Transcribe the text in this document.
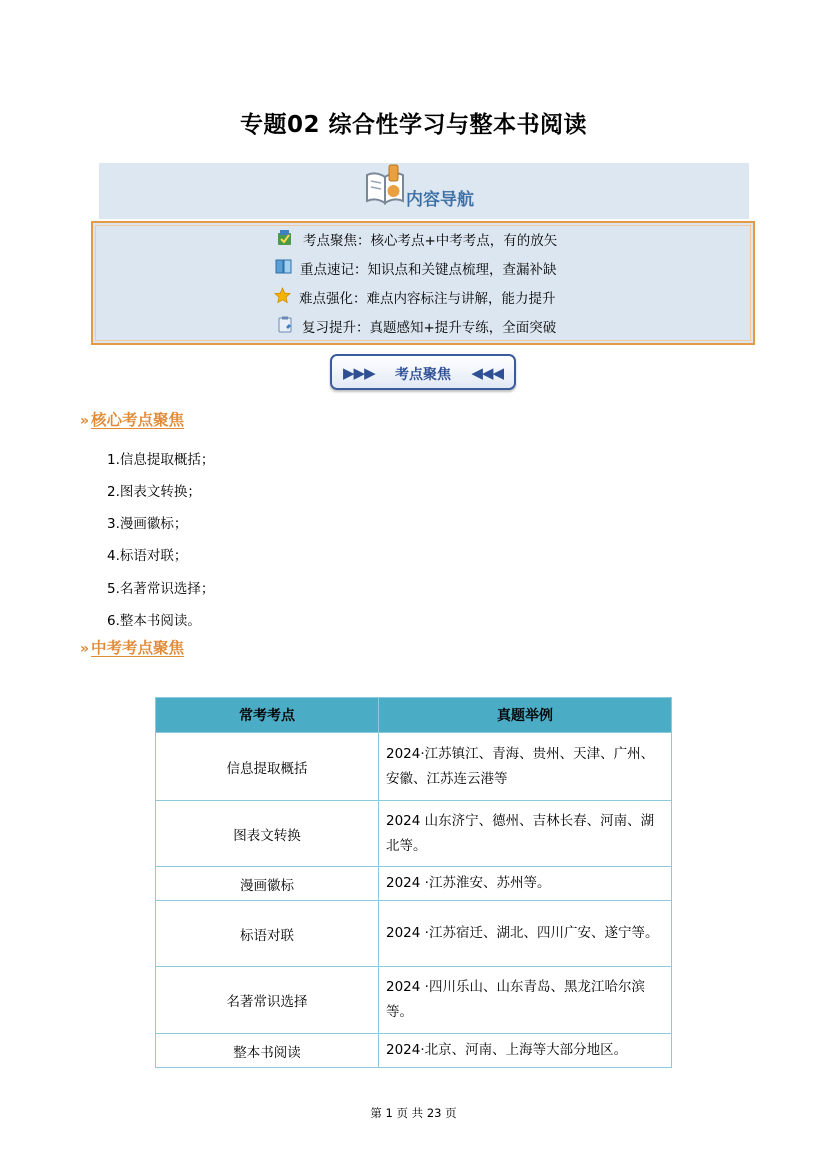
专题02 综合性学习与整本书阅读
内容导航
考点聚焦：核心考点+中考考点，有的放矢
重点速记：知识点和关键点梳理，查漏补缺
难点强化：难点内容标注与讲解，能力提升
复习提升：真题感知+提升专练，全面突破
▶▶▶	考点聚焦	◀◀◀
» 核心考点聚焦
1.信息提取概括；
2.图表文转换；
3.漫画徽标；
4.标语对联；
5.名著常识选择；
6.整本书阅读。
» 中考考点聚焦
常考考点	真题举例
信息提取概括	2024·江苏镇江、青海、贵州、天津、广州、安徽、江苏连云港等
图表文转换	2024 山东济宁、德州、吉林长春、河南、湖北等。
漫画徽标	2024 ·江苏淮安、苏州等。
标语对联	2024 ·江苏宿迁、湖北、四川广安、遂宁等。
名著常识选择	2024 ·四川乐山、山东青岛、黑龙江哈尔滨等。
整本书阅读	2024·北京、河南、上海等大部分地区。
第 1 页 共 23 页
